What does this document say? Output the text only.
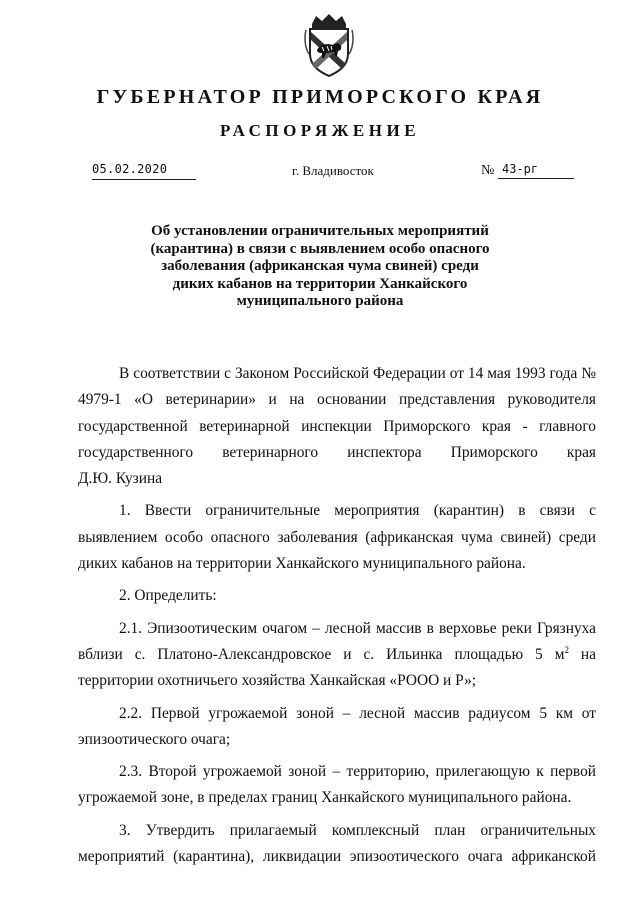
ГУБЕРНАТОР ПРИМОРСКОГО КРАЯ
РАСПОРЯЖЕНИЕ
05.02.2020	г. Владивосток	№ 43-рг
Об установлении ограничительных мероприятий
(карантина) в связи с выявлением особо опасного
заболевания (африканская чума свиней) среди
диких кабанов на территории Ханкайского
муниципального района

В соответствии с Законом Российской Федерации от 14 мая 1993 года № 4979-1 «О ветеринарии» и на основании представления руководителя государственной ветеринарной инспекции Приморского края - главного государственного ветеринарного инспектора Приморского края

Д.Ю. Кузина

1. Ввести ограничительные мероприятия (карантин) в связи с выявлением особо опасного заболевания (африканская чума свиней) среди диких кабанов на территории Ханкайского муниципального района.

2. Определить:

2.1. Эпизоотическим очагом – лесной массив в верховье реки Грязнуха вблизи с. Платоно-Александровское и с. Ильинка площадью 5 $м^2$ на территории охотничьего хозяйства Ханкайская «РОOO и Р»;

2.2. Первой угрожаемой зоной – лесной массив радиусом 5 км от эпизоотического очага;

2.3. Второй угрожаемой зоной – территорию, прилегающую к первой угрожаемой зоне, в пределах границ Ханкайского муниципального района.

3. Утвердить прилагаемый комплексный план ограничительных мероприятий (карантина), ликвидации эпизоотического очага африканской
